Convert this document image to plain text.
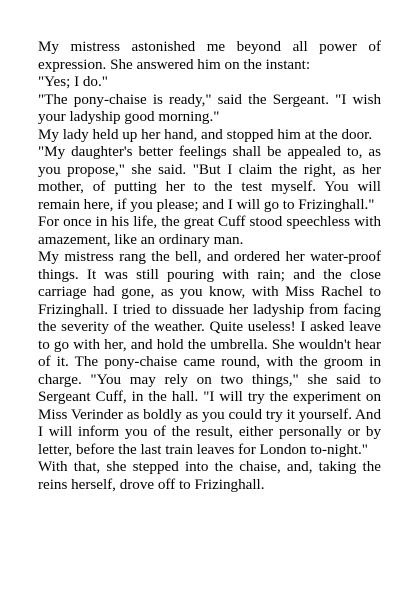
My mistress astonished me beyond all power of expression. She answered him on the instant:

"Yes; I do."

"The pony-chaise is ready," said the Sergeant. "I wish your ladyship good morning."

My lady held up her hand, and stopped him at the door.

"My daughter's better feelings shall be appealed to, as you propose," she said. "But I claim the right, as her mother, of putting her to the test myself. You will remain here, if you please; and I will go to Frizinghall."

For once in his life, the great Cuff stood speechless with amazement, like an ordinary man.

My mistress rang the bell, and ordered her water-proof things. It was still pouring with rain; and the close carriage had gone, as you know, with Miss Rachel to Frizinghall. I tried to dissuade her ladyship from facing the severity of the weather. Quite useless! I asked leave to go with her, and hold the umbrella. She wouldn't hear of it. The pony-chaise came round, with the groom in charge. "You may rely on two things," she said to Sergeant Cuff, in the hall. "I will try the experiment on Miss Verinder as boldly as you could try it yourself. And I will inform you of the result, either personally or by letter, before the last train leaves for London to-night."

With that, she stepped into the chaise, and, taking the reins herself, drove off to Frizinghall.
